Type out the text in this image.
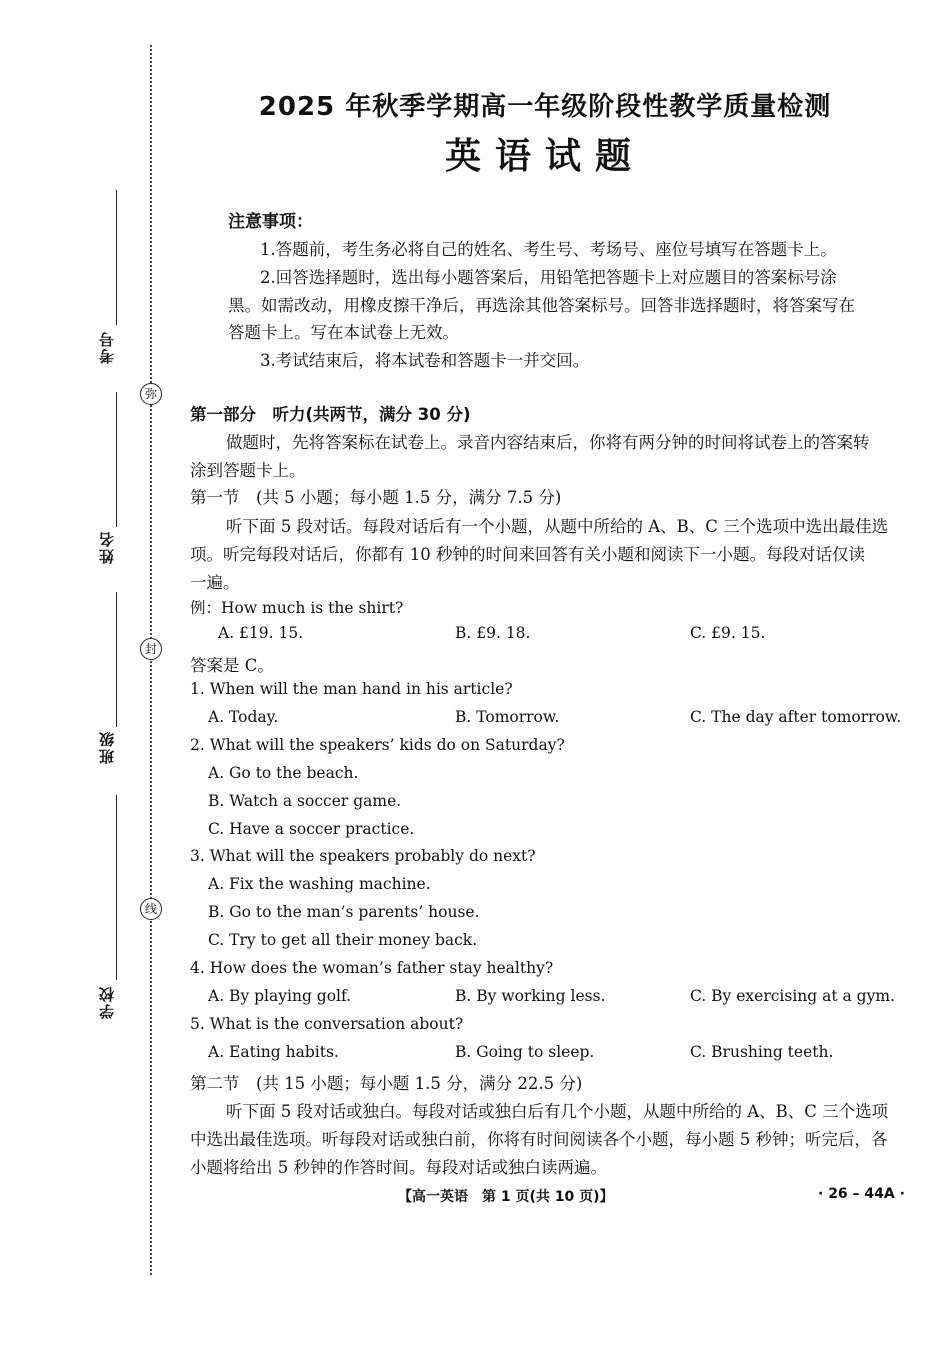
弥
封
线
考号
姓名
班级
学校
2025 年秋季学期高一年级阶段性教学质量检测
英语试题
注意事项：
1.答题前，考生务必将自己的姓名、考生号、考场号、座位号填写在答题卡上。
2.回答选择题时，选出每小题答案后，用铅笔把答题卡上对应题目的答案标号涂
黑。如需改动，用橡皮擦干净后，再选涂其他答案标号。回答非选择题时，将答案写在
答题卡上。写在本试卷上无效。
3.考试结束后，将本试卷和答题卡一并交回。
第一部分　听力(共两节，满分 30 分)
做题时，先将答案标在试卷上。录音内容结束后，你将有两分钟的时间将试卷上的答案转
涂到答题卡上。
第一节　(共 5 小题；每小题 1.5 分，满分 7.5 分)
听下面 5 段对话。每段对话后有一个小题，从题中所给的 A、B、C 三个选项中选出最佳选
项。听完每段对话后，你都有 10 秒钟的时间来回答有关小题和阅读下一小题。每段对话仅读
一遍。
例：How much is the shirt?
A. £19. 15.	B. £9. 18.	C. £9. 15.
答案是 C。
1. When will the man hand in his article?
A. Today.	B. Tomorrow.	C. The day after tomorrow.
2. What will the speakers’ kids do on Saturday?
A. Go to the beach.
B. Watch a soccer game.
C. Have a soccer practice.
3. What will the speakers probably do next?
A. Fix the washing machine.
B. Go to the man’s parents’ house.
C. Try to get all their money back.
4. How does the woman’s father stay healthy?
A. By playing golf.	B. By working less.	C. By exercising at a gym.
5. What is the conversation about?
A. Eating habits.	B. Going to sleep.	C. Brushing teeth.
第二节　(共 15 小题；每小题 1.5 分，满分 22.5 分)
听下面 5 段对话或独白。每段对话或独白后有几个小题，从题中所给的 A、B、C 三个选项
中选出最佳选项。听每段对话或独白前，你将有时间阅读各个小题，每小题 5 秒钟；听完后，各
小题将给出 5 秒钟的作答时间。每段对话或独白读两遍。
【高一英语　第 1 页(共 10 页)】	· 26 – 44A ·
